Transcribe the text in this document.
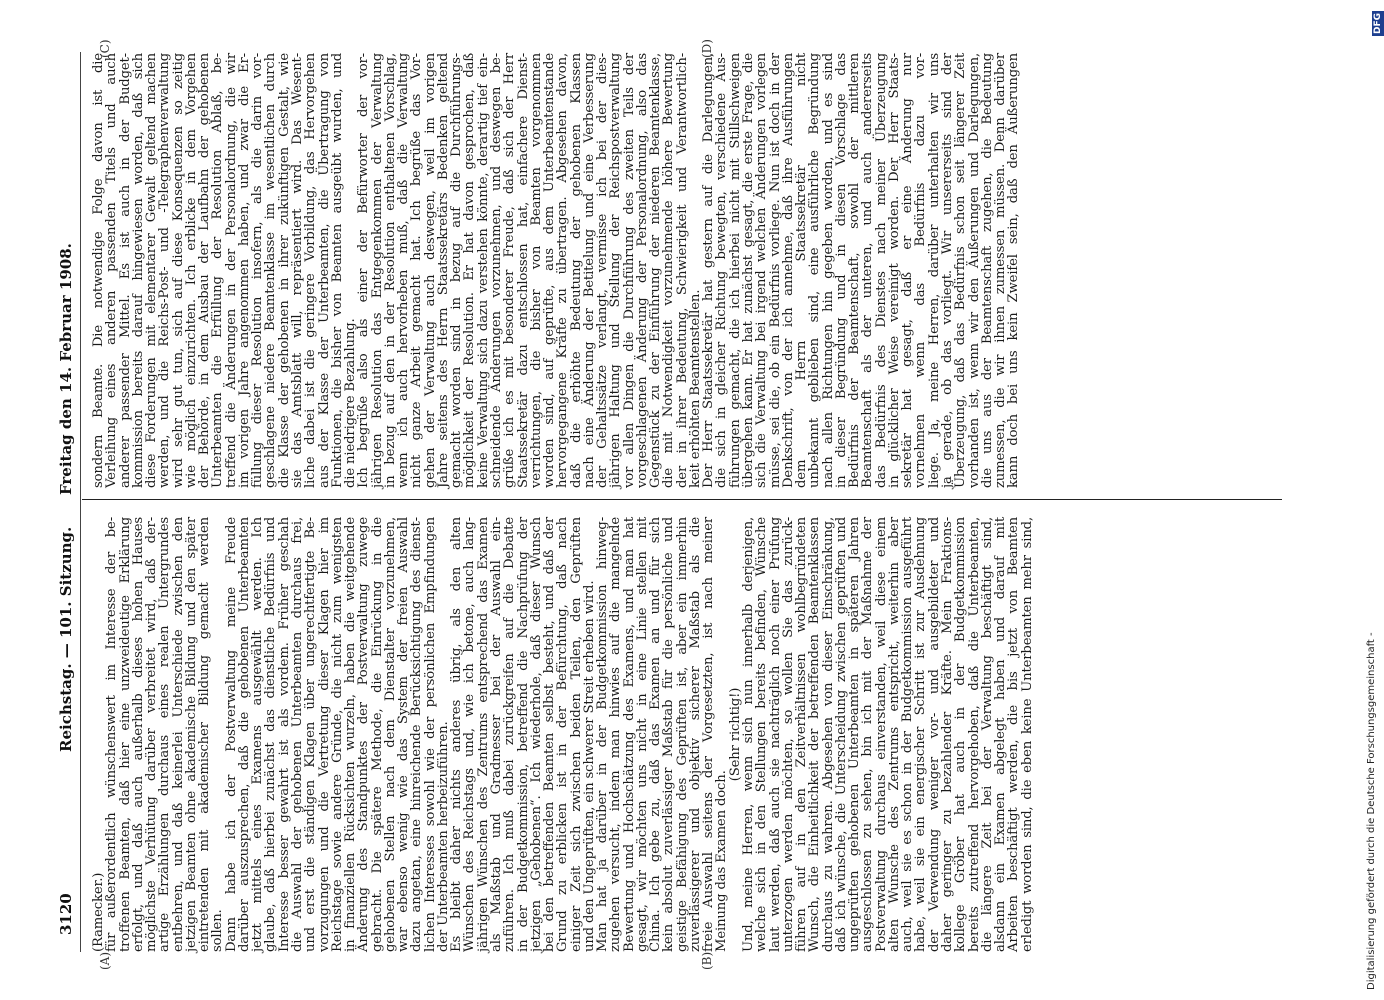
3120
Reichstag. — 101. Sitzung.
Freitag den 14. Februar 1908.
(Ramecker.)
für außerordentlich wünschenswert im Interesse der be-
troffenen Beamten, daß hier eine unzweideutige Erklärung
erfolgt, und daß auch außerhalb dieses hohen Hauses
möglichste Verhütung darüber verbreitet wird, daß der-
artige Erzählungen durchaus eines realen Untergrundes
entbehren, und daß keinerlei Unterschiede zwischen den
jetzigen Beamten ohne akademische Bildung und den später
eintretenden mit akademischer Bildung gemacht werden
sollen.
Dann habe ich der Postverwaltung meine Freude
darüber auszusprechen, daß die gehobenen Unterbeamten
jetzt mittels eines Examens ausgewählt werden. Ich
glaube, daß hierbei zunächst das dienstliche Bedürfnis und
Interesse besser gewahrt ist als vordem. Früher geschah
die Auswahl der gehobenen Unterbeamten durchaus frei,
und erst die ständigen Klagen über ungerechtfertigte Be-
vorzugungen und die Vertretung dieser Klagen hier im
Reichstage sowie andere Gründe, die nicht zum wenigsten
in finanziellen Rücksichten wurzeln, haben die weitgehende
Änderung des Standpunktes der Postverwaltung zuwege
gebracht. Die spätere Methode, die Einrückung in die
gehobenen Stellen nach dem Dienstalter vorzunehmen,
war ebenso wenig wie das System der freien Auswahl
dazu angetan, eine hinreichende Berücksichtigung des dienst-
lichen Interesses sowohl wie der persönlichen Empfindungen
der Unterbeamten herbeizuführen.
Es bleibt daher nichts anderes übrig, als den alten
Wünschen des Reichstags und, wie ich betone, auch lang-
jährigen Wünschen des Zentrums entsprechend das Examen
als Maßstab und Gradmesser bei der Auswahl ein-
zuführen. Ich muß dabei zurückgreifen auf die Debatte
in der Budgetkommission, betreffend die Nachprüfung der
jetzigen „Gehobenen“. Ich wiederhole, daß dieser Wunsch
bei den betreffenden Beamten selbst besteht, und daß der
Grund zu erblicken ist in der Befürchtung, daß nach
einiger Zeit sich zwischen beiden Teilen, den Geprüften
und den Ungeprüften, ein schwerer Streit erheben wird.
Man hat ja darüber in der Budgetkommission hinweg-
zugehen versucht, indem man hinwies auf die mangelnde
Bewertung und Hochschätzung des Examens, und man hat
gesagt, wir möchten uns nicht in eine Linie stellen mit
China. Ich gebe zu, daß das Examen an und für sich
kein absolut zuverlässiger Maßstab für die persönliche und
geistige Befähigung des Geprüften ist, aber ein immerhin
zuverlässigerer und objektiv sicherer Maßstab als die
freie Auswahl seitens der Vorgesetzten, ist nach meiner
Meinung das Examen doch.
(Sehr richtig!)
Und, meine Herren, wenn sich nun innerhalb derjenigen,
welche sich in den Stellungen bereits befinden, Wünsche
laut werden, daß auch sie nachträglich noch einer Prüfung
unterzogen werden möchten, so wollen Sie das zurück-
führen auf in den Zeitverhältnissen wohlbegründeten
Wunsch, die Einheitlichkeit der betreffenden Beamtenklassen
durchaus zu wahren. Abgesehen von dieser Einschränkung,
daß ich wünsche, die Unterscheidung zwischen geprüften und
ungeprüften gehobenen Unterbeamten in späteren Jahren
ausgeschlossen zu sehen, bin ich mit der Maßnahme der
Postverwaltung durchaus einverstanden, weil diese einem
alten Wunsche des Zentrums entspricht, weiterhin aber
auch, weil sie es schon in der Budgetkommission ausgeführt
habe, weil sie ein energischer Schritt ist zur Ausdehnung
der Verwendung weniger vor- und ausgebildeter und
daher geringer zu bezahlender Kräfte. Mein Fraktions-
kollege Gröber hat auch in der Budgetkommission
bereits zutreffend hervorgehoben, daß die Unterbeamten,
die längere Zeit bei der Verwaltung beschäftigt sind,
alsdann ein Examen abgelegt haben und darauf mit
Arbeiten beschäftigt werden, die bis jetzt von Beamten
erledigt worden sind, die eben keine Unterbeamten mehr sind,
sondern Beamte. Die notwendige Folge davon ist die
Verleihung eines anderen passenden Titels und auch
anderer passender Mittel. Es ist auch in der Budget-
kommission bereits darauf hingewiesen worden, daß sich
diese Forderungen mit elementarer Gewalt geltend machen
werden, und die Reichs-Post- und -Telegraphenverwaltung
wird sehr gut tun, sich auf diese Konsequenzen so zeitig
wie möglich einzurichten. Ich erblicke in dem Vorgehen
der Behörde, in dem Ausbau der Laufbahn der gehobenen
Unterbeamten die Erfüllung der Resolution Ablaß, be-
treffend die Änderungen in der Personalordnung, die wir
im vorigen Jahre angenommen haben, und zwar die Er-
füllung dieser Resolution insofern, als die darin vor-
geschlagene niedere Beamtenklasse im wesentlichen durch
die Klasse der gehobenen in ihrer zukünftigen Gestalt, wie
sie das Amtsblatt will, repräsentiert wird. Das Wesent-
liche dabei ist die geringere Vorbildung, das Hervorgehen
aus der Klasse der Unterbeamten, die Übertragung von
Funktionen, die bisher von Beamten ausgeübt wurden, und
die niedrigere Bezahlung.
Ich begrüße also als einer der Befürworter der vor-
jährigen Resolution das Entgegenkommen der Verwaltung
in bezug auf den in der Resolution enthaltenen Vorschlag,
wenn ich auch hervorheben muß, daß die Verwaltung
nicht ganze Arbeit gemacht hat. Ich begrüße das Vor-
gehen der Verwaltung auch deswegen, weil im vorigen
Jahre seitens des Herrn Staatssekretärs Bedenken geltend
gemacht worden sind in bezug auf die Durchführungs-
möglichkeit der Resolution. Er hat davon gesprochen, daß
keine Verwaltung sich dazu verstehen könnte, derartig tief ein-
schneidende Änderungen vorzunehmen, und deswegen be-
grüße ich es mit besonderer Freude, daß sich der Herr
Staatssekretär dazu entschlossen hat, einfachere Dienst-
verrichtungen, die bisher von Beamten vorgenommen
worden sind, auf geprüfte, aus dem Unterbeamtenstande
hervorgegangene Kräfte zu übertragen. Abgesehen davon,
daß die erhöhte Bedeutung der gehobenen Klassen
nach eine Änderung der Betitelung und eine Verbesserung
der Gehaltssätze verlangt, vermisse ich bei der dies-
jährigen Haltung und Stellung der Reichspostverwaltung
vor allen Dingen die Durchführung des zweiten Teils der
vorgeschlagenen Änderung der Personalordnung, also das
Gegenstück zu der Einführung der niederen Beamtenklasse,
die mit Notwendigkeit vorzunehmende höhere Bewertung
der in ihrer Bedeutung, Schwierigkeit und Verantwortlich-
keit erhöhten Beamtenstellen.
Der Herr Staatssekretär hat gestern auf die Darlegungen,
die sich in gleicher Richtung bewegten, verschiedene Aus-
führungen gemacht, die ich hierbei nicht mit Stillschweigen
übergehen kann. Er hat zunächst gesagt, die erste Frage, die
sich die Verwaltung bei irgend welchen Änderungen vorlegen
müsse, sei die, ob ein Bedürfnis vorliege. Nun ist doch in der
Denkschrift, von der ich annehme, daß ihre Ausführungen
dem Herrn Staatssekretär nicht
unbekannt geblieben sind, eine ausführliche Begründung
nach allen Richtungen hin gegeben worden, und es sind
in dieser Begründung und in diesen Vorschlage das
Bedürfnis der Beamtenschaft, sowohl der mittleren
Beamtenschaft als der unteren, und auch andererseits
das Bedürfnis des Dienstes nach meiner Überzeugung
in glücklicher Weise vereinigt worden. Der Herr Staats-
sekretär hat gesagt, daß er eine Änderung nur
vornehmen wenn das Bedürfnis dazu vor-
liege. Ja, meine Herren, darüber unterhalten wir uns
ja gerade, ob das vorliegt. Wir unsererseits sind der
Überzeugung, daß das Bedürfnis schon seit längerer Zeit
vorhanden ist, wenn wir den Äußerungen und Darlegungen,
die uns aus der Beamtenschaft zugehen, die Bedeutung
zumessen, die wir ihnen zumessen müssen. Denn darüber
kann doch bei uns kein Zweifel sein, daß den Äußerungen
(A)	(B)
(C)	(D)
Digitalisierung gefördert durch die Deutsche Forschungsgemeinschaft -
DFG
